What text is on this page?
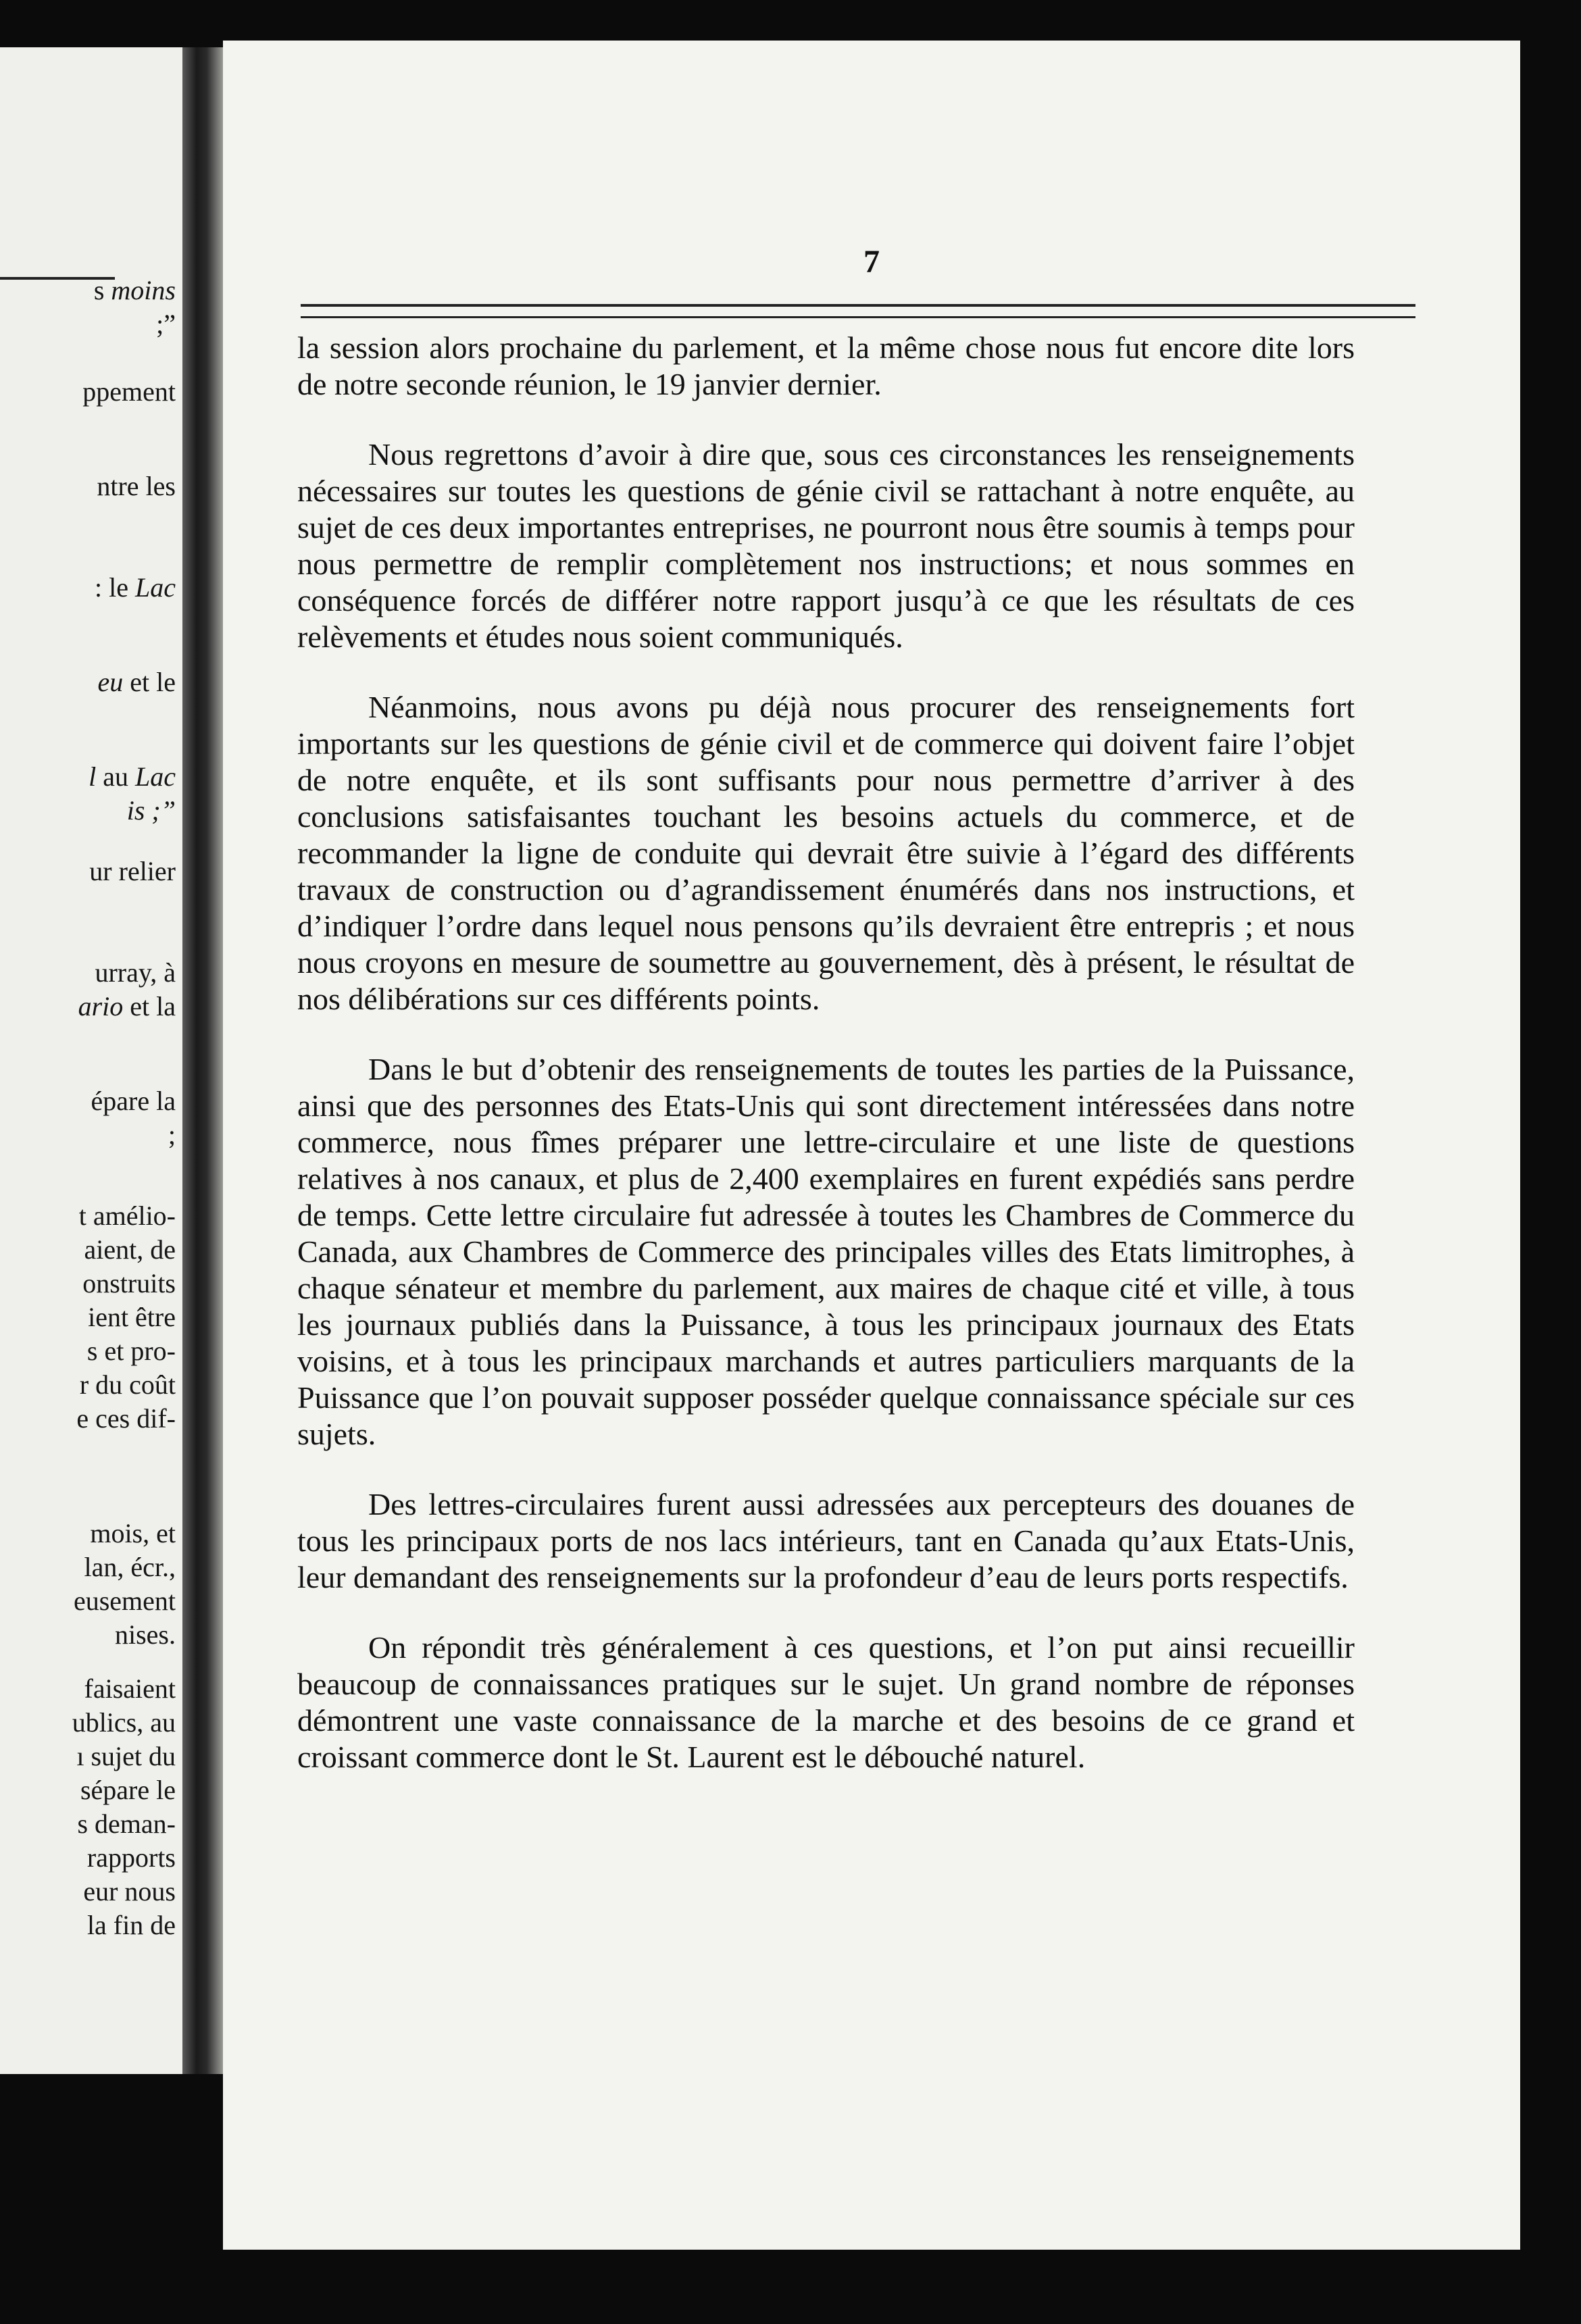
s moins
;”
ppement
ntre les
: le Lac
eu et le
l au Lac
is ;”
ur relier
urray, à
ario et la
épare la
;
t amélio-
aient, de
onstruits
ient être
s et pro-
r du coût
e ces dif-
mois, et
lan, écr.,
eusement
nises.
faisaient
ublics, au
ı sujet du
sépare le
s deman-
rapports
eur nous
la fin de
7

la session alors prochaine du parlement, et la même chose nous fut encore dite lors de notre seconde réunion, le 19 janvier dernier.

Nous regrettons d’avoir à dire que, sous ces circonstances les renseignements nécessaires sur toutes les questions de génie civil se rattachant à notre enquête, au sujet de ces deux importantes entreprises, ne pourront nous être soumis à temps pour nous permettre de remplir complètement nos instructions; et nous sommes en conséquence forcés de différer notre rapport jusqu’à ce que les résultats de ces relèvements et études nous soient communiqués.

Néanmoins, nous avons pu déjà nous procurer des renseignements fort importants sur les questions de génie civil et de commerce qui doivent faire l’objet de notre enquête, et ils sont suffisants pour nous permettre d’arriver à des conclusions satisfaisantes touchant les besoins actuels du commerce, et de recommander la ligne de conduite qui devrait être suivie à l’égard des différents travaux de construction ou d’agrandissement énumérés dans nos instructions, et d’indiquer l’ordre dans lequel nous pensons qu’ils devraient être entrepris ; et nous nous croyons en mesure de soumettre au gouvernement, dès à présent, le résultat de nos délibérations sur ces différents points.

Dans le but d’obtenir des renseignements de toutes les parties de la Puissance, ainsi que des personnes des Etats-Unis qui sont directement intéressées dans notre commerce, nous fîmes préparer une lettre-circulaire et une liste de questions relatives à nos canaux, et plus de 2,400 exemplaires en furent expédiés sans perdre de temps. Cette lettre circulaire fut adressée à toutes les Chambres de Commerce du Canada, aux Chambres de Commerce des principales villes des Etats limitrophes, à chaque sénateur et membre du parlement, aux maires de chaque cité et ville, à tous les journaux publiés dans la Puissance, à tous les principaux journaux des Etats voisins, et à tous les principaux marchands et autres particuliers marquants de la Puissance que l’on pouvait supposer posséder quelque connaissance spéciale sur ces sujets.

Des lettres-circulaires furent aussi adressées aux percepteurs des douanes de tous les principaux ports de nos lacs intérieurs, tant en Canada qu’aux Etats-Unis, leur demandant des renseignements sur la profondeur d’eau de leurs ports respectifs.

On répondit très généralement à ces questions, et l’on put ainsi recueillir beaucoup de connaissances pratiques sur le sujet. Un grand nombre de réponses démontrent une vaste connaissance de la marche et des besoins de ce grand et croissant commerce dont le St. Laurent est le débouché naturel.
